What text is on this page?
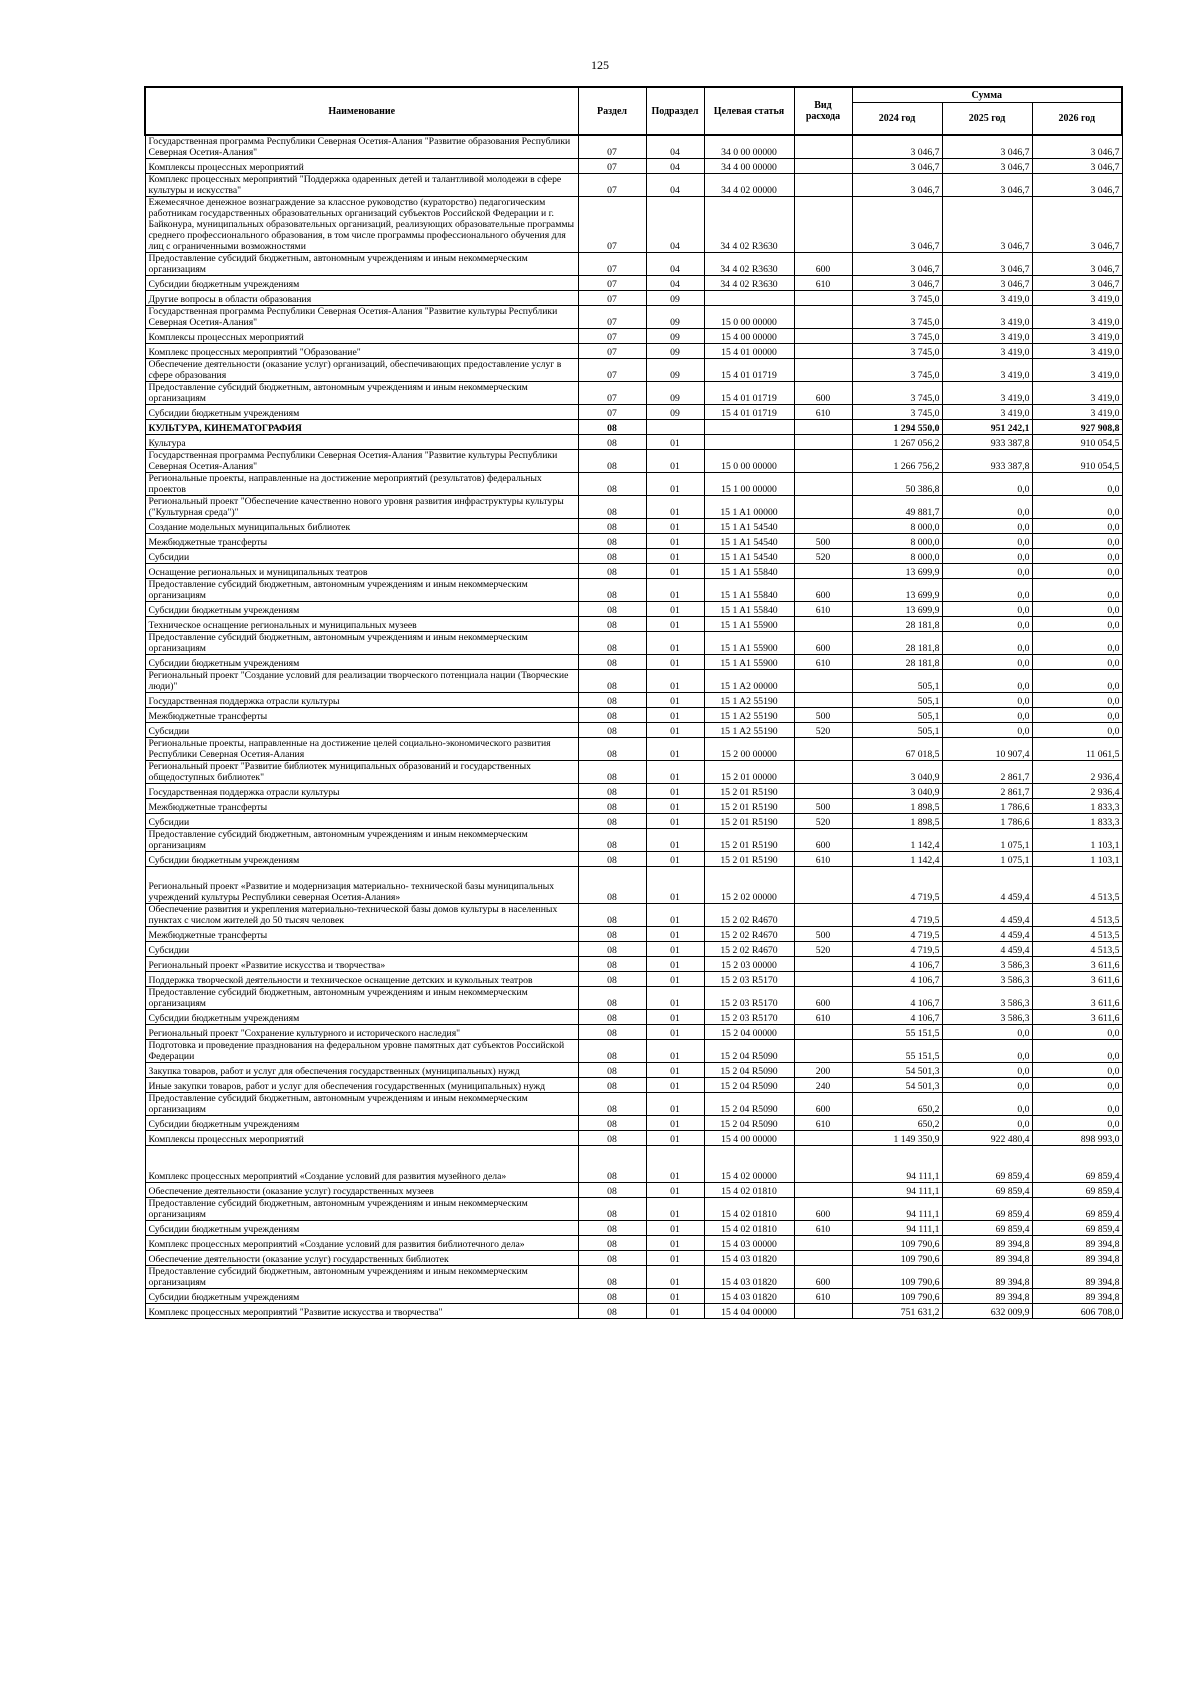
125
Наименование	Раздел	Подраздел	Целевая статья	Вид расхода	Сумма		
					2024 год	2025 год	2026 год
Государственная программа Республики Северная Осетия-Алания "Развитие образования Республики Северная Осетия-Алания"	07	04	34 0 00 00000		3 046,7	3 046,7	3 046,7
Комплексы процессных мероприятий	07	04	34 4 00 00000		3 046,7	3 046,7	3 046,7
Комплекс процессных мероприятий "Поддержка одаренных детей и талантливой молодежи в сфере культуры и искусства"	07	04	34 4 02 00000		3 046,7	3 046,7	3 046,7
Ежемесячное денежное вознаграждение за классное руководство (кураторство) педагогическим работникам государственных образовательных организаций субъектов Российской Федерации и г. Байконура, муниципальных образовательных организаций, реализующих образовательные программы среднего профессионального образования, в том числе программы профессионального обучения для лиц с ограниченными возможностями	07	04	34 4 02 R3630		3 046,7	3 046,7	3 046,7
Предоставление субсидий бюджетным, автономным учреждениям и иным некоммерческим организациям	07	04	34 4 02 R3630	600	3 046,7	3 046,7	3 046,7
Субсидии бюджетным учреждениям	07	04	34 4 02 R3630	610	3 046,7	3 046,7	3 046,7
Другие вопросы в области образования	07	09			3 745,0	3 419,0	3 419,0
Государственная программа Республики Северная Осетия-Алания "Развитие культуры Республики Северная Осетия-Алания"	07	09	15 0 00 00000		3 745,0	3 419,0	3 419,0
Комплексы процессных мероприятий	07	09	15 4 00 00000		3 745,0	3 419,0	3 419,0
Комплекс процессных мероприятий "Образование"	07	09	15 4 01 00000		3 745,0	3 419,0	3 419,0
Обеспечение деятельности (оказание услуг) организаций, обеспечивающих предоставление услуг в сфере образования	07	09	15 4 01 01719		3 745,0	3 419,0	3 419,0
Предоставление субсидий бюджетным, автономным учреждениям и иным некоммерческим организациям	07	09	15 4 01 01719	600	3 745,0	3 419,0	3 419,0
Субсидии бюджетным учреждениям	07	09	15 4 01 01719	610	3 745,0	3 419,0	3 419,0
КУЛЬТУРА, КИНЕМАТОГРАФИЯ	08				1 294 550,0	951 242,1	927 908,8
Культура	08	01			1 267 056,2	933 387,8	910 054,5
Государственная программа Республики Северная Осетия-Алания "Развитие культуры Республики Северная Осетия-Алания"	08	01	15 0 00 00000		1 266 756,2	933 387,8	910 054,5
Региональные проекты, направленные на достижение мероприятий (результатов) федеральных проектов	08	01	15 1 00 00000		50 386,8	0,0	0,0
Региональный проект "Обеспечение качественно нового уровня развития инфраструктуры культуры ("Культурная среда")"	08	01	15 1 A1 00000		49 881,7	0,0	0,0
Создание модельных муниципальных библиотек	08	01	15 1 A1 54540		8 000,0	0,0	0,0
Межбюджетные трансферты	08	01	15 1 A1 54540	500	8 000,0	0,0	0,0
Субсидии	08	01	15 1 A1 54540	520	8 000,0	0,0	0,0
Оснащение региональных и муниципальных театров	08	01	15 1 A1 55840		13 699,9	0,0	0,0
Предоставление субсидий бюджетным, автономным учреждениям и иным некоммерческим организациям	08	01	15 1 A1 55840	600	13 699,9	0,0	0,0
Субсидии бюджетным учреждениям	08	01	15 1 A1 55840	610	13 699,9	0,0	0,0
Техническое оснащение региональных и муниципальных музеев	08	01	15 1 A1 55900		28 181,8	0,0	0,0
Предоставление субсидий бюджетным, автономным учреждениям и иным некоммерческим организациям	08	01	15 1 A1 55900	600	28 181,8	0,0	0,0
Субсидии бюджетным учреждениям	08	01	15 1 A1 55900	610	28 181,8	0,0	0,0
Региональный проект "Создание условий для реализации творческого потенциала нации (Творческие люди)"	08	01	15 1 A2 00000		505,1	0,0	0,0
Государственная поддержка отрасли культуры	08	01	15 1 A2 55190		505,1	0,0	0,0
Межбюджетные трансферты	08	01	15 1 A2 55190	500	505,1	0,0	0,0
Субсидии	08	01	15 1 A2 55190	520	505,1	0,0	0,0
Региональные проекты, направленные на достижение целей социально-экономического развития Республики Северная Осетия-Алания	08	01	15 2 00 00000		67 018,5	10 907,4	11 061,5
Региональный проект "Развитие библиотек муниципальных образований и государственных общедоступных библиотек"	08	01	15 2 01 00000		3 040,9	2 861,7	2 936,4
Государственная поддержка отрасли культуры	08	01	15 2 01 R5190		3 040,9	2 861,7	2 936,4
Межбюджетные трансферты	08	01	15 2 01 R5190	500	1 898,5	1 786,6	1 833,3
Субсидии	08	01	15 2 01 R5190	520	1 898,5	1 786,6	1 833,3
Предоставление субсидий бюджетным, автономным учреждениям и иным некоммерческим организациям	08	01	15 2 01 R5190	600	1 142,4	1 075,1	1 103,1
Субсидии бюджетным учреждениям	08	01	15 2 01 R5190	610	1 142,4	1 075,1	1 103,1
Региональный проект «Развитие и модернизация материально- технической базы муниципальных учреждений культуры Республики северная Осетия-Алания»	08	01	15 2 02 00000		4 719,5	4 459,4	4 513,5
Обеспечение развития и укрепления материально-технической базы домов культуры в населенных пунктах с числом жителей до 50 тысяч человек	08	01	15 2 02 R4670		4 719,5	4 459,4	4 513,5
Межбюджетные трансферты	08	01	15 2 02 R4670	500	4 719,5	4 459,4	4 513,5
Субсидии	08	01	15 2 02 R4670	520	4 719,5	4 459,4	4 513,5
Региональный проект «Развитие искусства и творчества»	08	01	15 2 03 00000		4 106,7	3 586,3	3 611,6
Поддержка творческой деятельности и техническое оснащение детских и кукольных театров	08	01	15 2 03 R5170		4 106,7	3 586,3	3 611,6
Предоставление субсидий бюджетным, автономным учреждениям и иным некоммерческим организациям	08	01	15 2 03 R5170	600	4 106,7	3 586,3	3 611,6
Субсидии бюджетным учреждениям	08	01	15 2 03 R5170	610	4 106,7	3 586,3	3 611,6
Региональный проект "Сохранение культурного и исторического наследия"	08	01	15 2 04 00000		55 151,5	0,0	0,0
Подготовка и проведение празднования на федеральном уровне памятных дат субъектов Российской Федерации	08	01	15 2 04 R5090		55 151,5	0,0	0,0
Закупка товаров, работ и услуг для обеспечения государственных (муниципальных) нужд	08	01	15 2 04 R5090	200	54 501,3	0,0	0,0
Иные закупки товаров, работ и услуг для обеспечения государственных (муниципальных) нужд	08	01	15 2 04 R5090	240	54 501,3	0,0	0,0
Предоставление субсидий бюджетным, автономным учреждениям и иным некоммерческим организациям	08	01	15 2 04 R5090	600	650,2	0,0	0,0
Субсидии бюджетным учреждениям	08	01	15 2 04 R5090	610	650,2	0,0	0,0
Комплексы процессных мероприятий	08	01	15 4 00 00000		1 149 350,9	922 480,4	898 993,0
Комплекс процессных мероприятий «Создание условий для развития музейного дела»	08	01	15 4 02 00000		94 111,1	69 859,4	69 859,4
Обеспечение деятельности (оказание услуг) государственных музеев	08	01	15 4 02 01810		94 111,1	69 859,4	69 859,4
Предоставление субсидий бюджетным, автономным учреждениям и иным некоммерческим организациям	08	01	15 4 02 01810	600	94 111,1	69 859,4	69 859,4
Субсидии бюджетным учреждениям	08	01	15 4 02 01810	610	94 111,1	69 859,4	69 859,4
Комплекс процессных мероприятий «Создание условий для развития библиотечного дела»	08	01	15 4 03 00000		109 790,6	89 394,8	89 394,8
Обеспечение деятельности (оказание услуг) государственных библиотек	08	01	15 4 03 01820		109 790,6	89 394,8	89 394,8
Предоставление субсидий бюджетным, автономным учреждениям и иным некоммерческим организациям	08	01	15 4 03 01820	600	109 790,6	89 394,8	89 394,8
Субсидии бюджетным учреждениям	08	01	15 4 03 01820	610	109 790,6	89 394,8	89 394,8
Комплекс процессных мероприятий "Развитие искусства и творчества"	08	01	15 4 04 00000		751 631,2	632 009,9	606 708,0
